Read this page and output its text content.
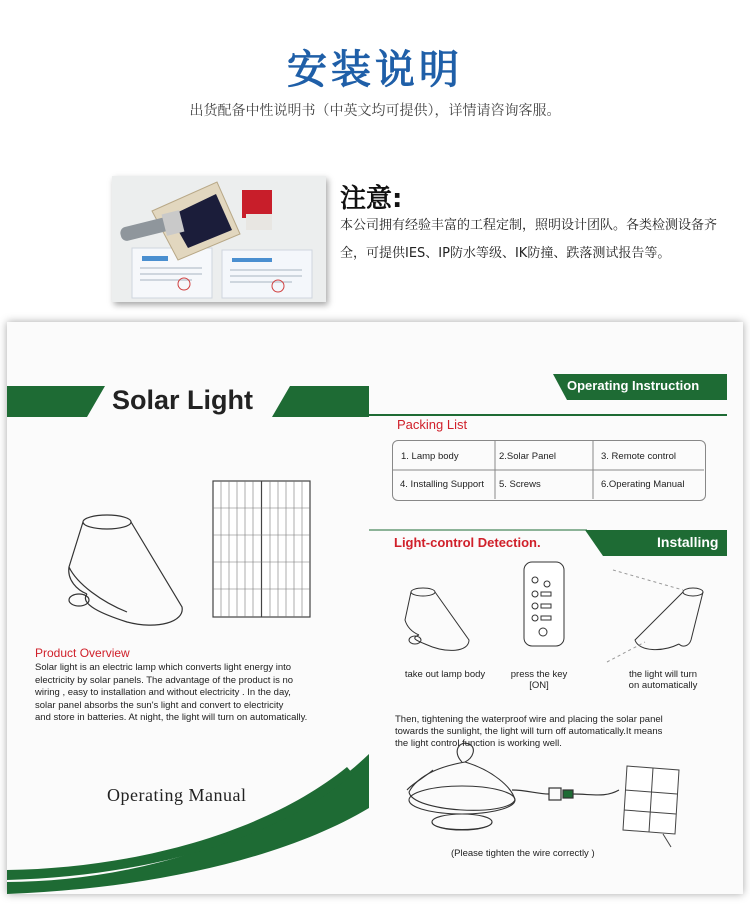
安装说明
出货配备中性说明书（中英文均可提供），详情请咨询客服。
注意:
本公司拥有经验丰富的工程定制，照明设计团队。各类检测设备齐全，可提供IES、IP防水等级、IK防撞、跌落测试报告等。
Solar Light
Product Overview
Solar light is an electric lamp which converts light energy into
electricity by solar panels. The advantage of the product is no
wiring , easy to installation and without electricity . In the day,
solar panel absorbs the sun's light and convert to electricity
and store in batteries. At night, the light will turn on automatically.
Operating Manual
Operating Instruction
Packing List
1. Lamp body	2.Solar Panel	3. Remote control
4. Installing Support 5. Screws	6.Operating Manual
Light-control Detection.	Installing
take out lamp body	press the key
[ON]
the light will turn
on automatically
Then, tightening the waterproof wire and placing the solar panel
towards the sunlight, the light will turn off automatically.It means
the light control function is working well.
(Please tighten the wire correctly )
